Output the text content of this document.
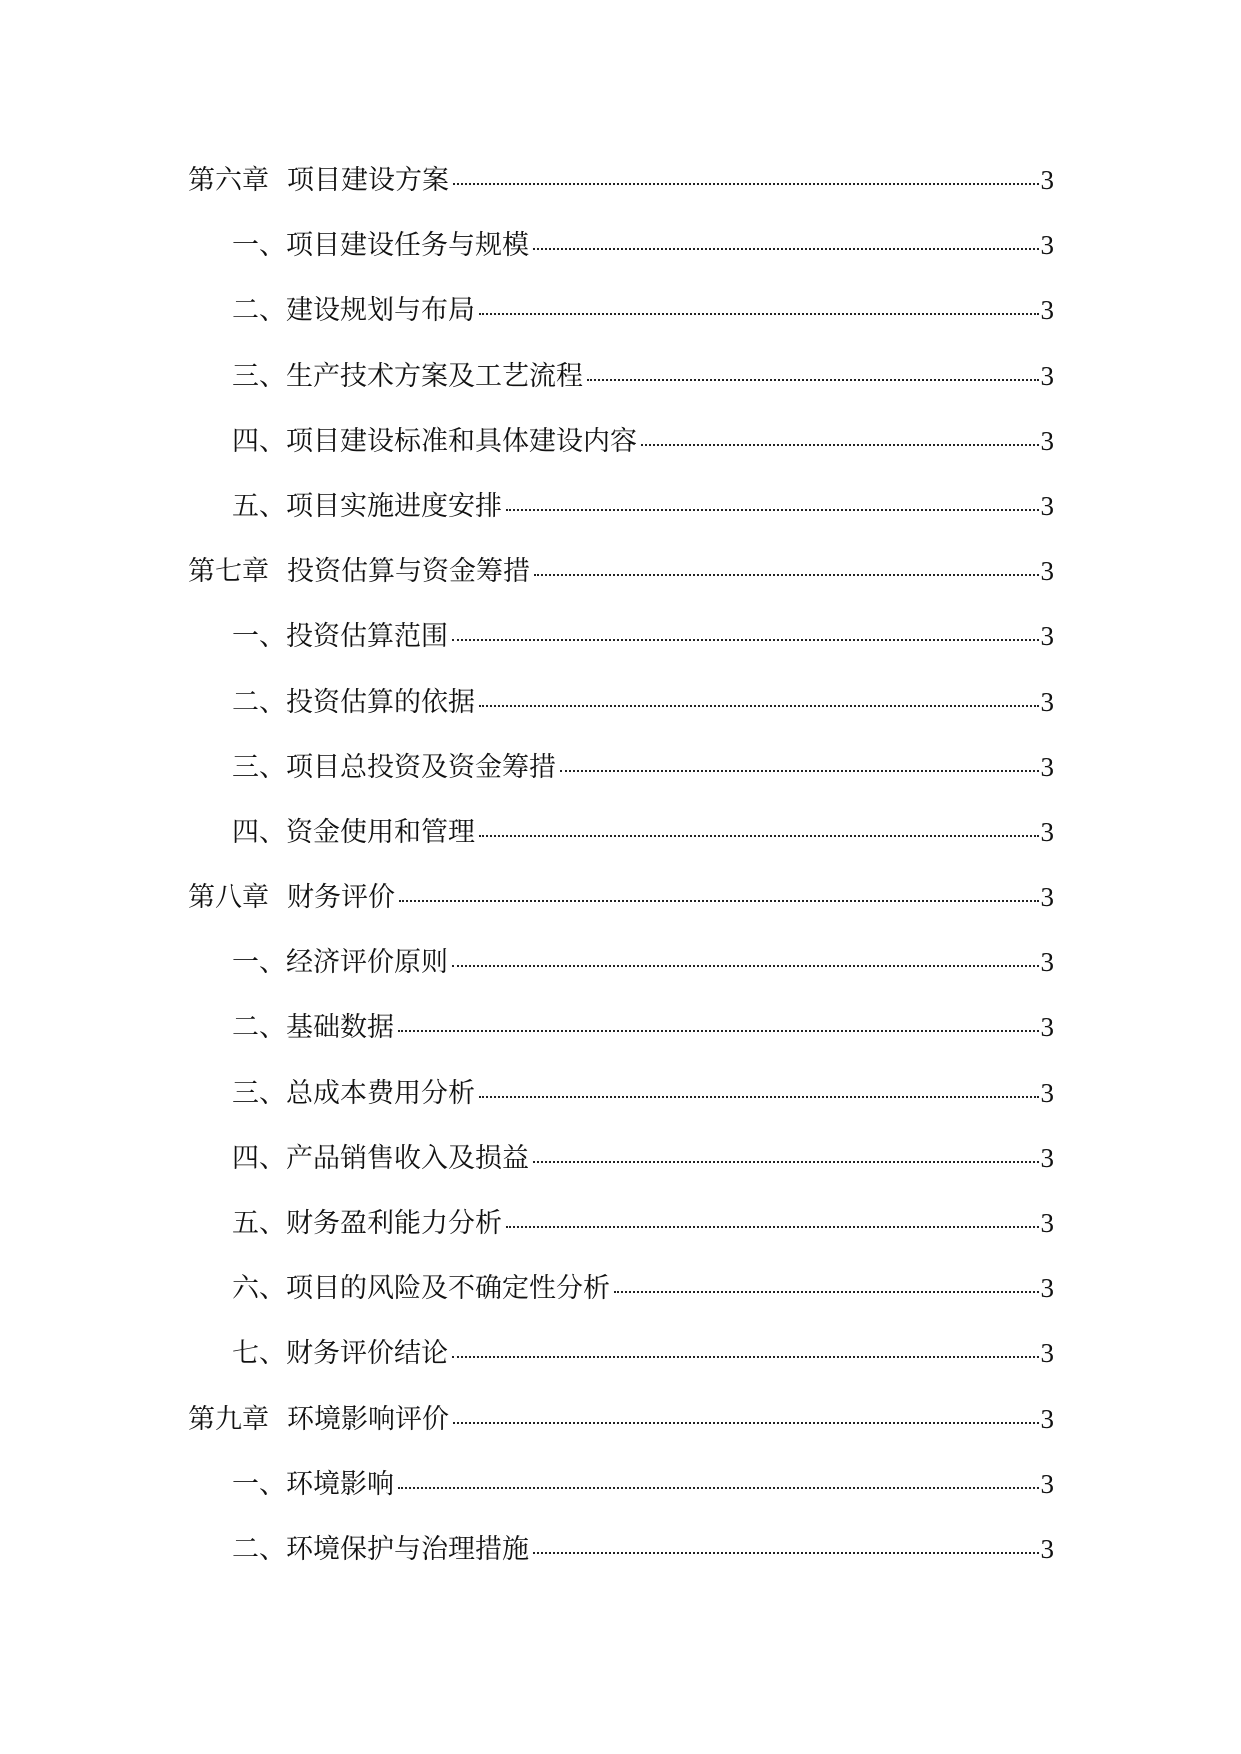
第六章 项目建设方案	3
一、项目建设任务与规模	3
二、建设规划与布局	3
三、生产技术方案及工艺流程	3
四、项目建设标准和具体建设内容	3
五、项目实施进度安排	3
第七章 投资估算与资金筹措	3
一、投资估算范围	3
二、投资估算的依据	3
三、项目总投资及资金筹措	3
四、资金使用和管理	3
第八章 财务评价	3
一、经济评价原则	3
二、基础数据	3
三、总成本费用分析	3
四、产品销售收入及损益	3
五、财务盈利能力分析	3
六、项目的风险及不确定性分析	3
七、财务评价结论	3
第九章 环境影响评价	3
一、环境影响	3
二、环境保护与治理措施	3
